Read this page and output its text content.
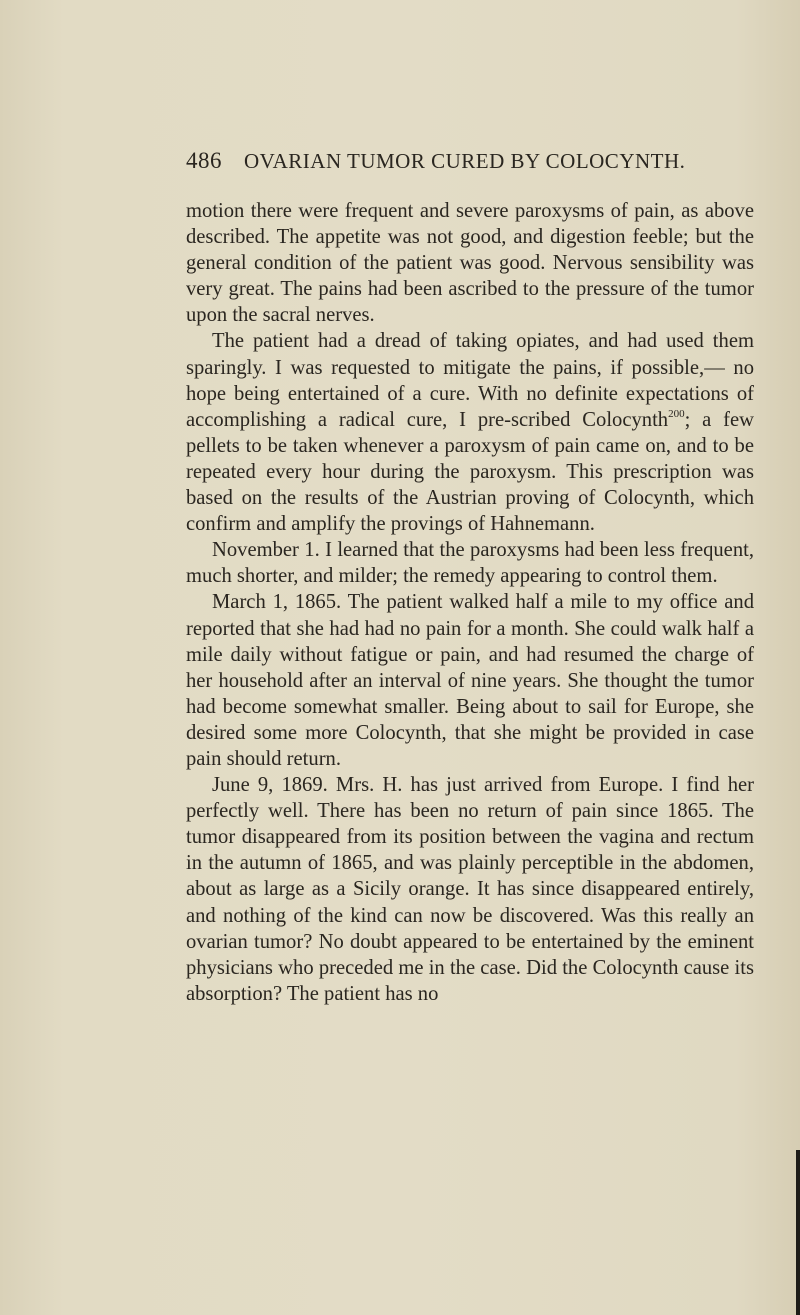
486 OVARIAN TUMOR CURED BY COLOCYNTH.

motion there were frequent and severe paroxysms of pain, as above described. The appetite was not good, and digestion feeble; but the general condition of the patient was good. Nervous sensibility was very great. The pains had been ascribed to the pressure of the tumor upon the sacral nerves.

The patient had a dread of taking opiates, and had used them sparingly. I was requested to mitigate the pains, if possible,— no hope being entertained of a cure. With no definite expectations of accomplishing a radical cure, I pre-scribed Colocynth$^{200}$; a few pellets to be taken whenever a paroxysm of pain came on, and to be repeated every hour during the paroxysm. This prescription was based on the results of the Austrian proving of Colocynth, which confirm and amplify the provings of Hahnemann.

November 1. I learned that the paroxysms had been less frequent, much shorter, and milder; the remedy appearing to control them.

March 1, 1865. The patient walked half a mile to my office and reported that she had had no pain for a month. She could walk half a mile daily without fatigue or pain, and had resumed the charge of her household after an interval of nine years. She thought the tumor had become somewhat smaller. Being about to sail for Europe, she desired some more Colocynth, that she might be provided in case pain should return.

June 9, 1869. Mrs. H. has just arrived from Europe. I find her perfectly well. There has been no return of pain since 1865. The tumor disappeared from its position between the vagina and rectum in the autumn of 1865, and was plainly perceptible in the abdomen, about as large as a Sicily orange. It has since disappeared entirely, and nothing of the kind can now be discovered. Was this really an ovarian tumor? No doubt appeared to be entertained by the eminent physicians who preceded me in the case. Did the Colocynth cause its absorption? The patient has no
